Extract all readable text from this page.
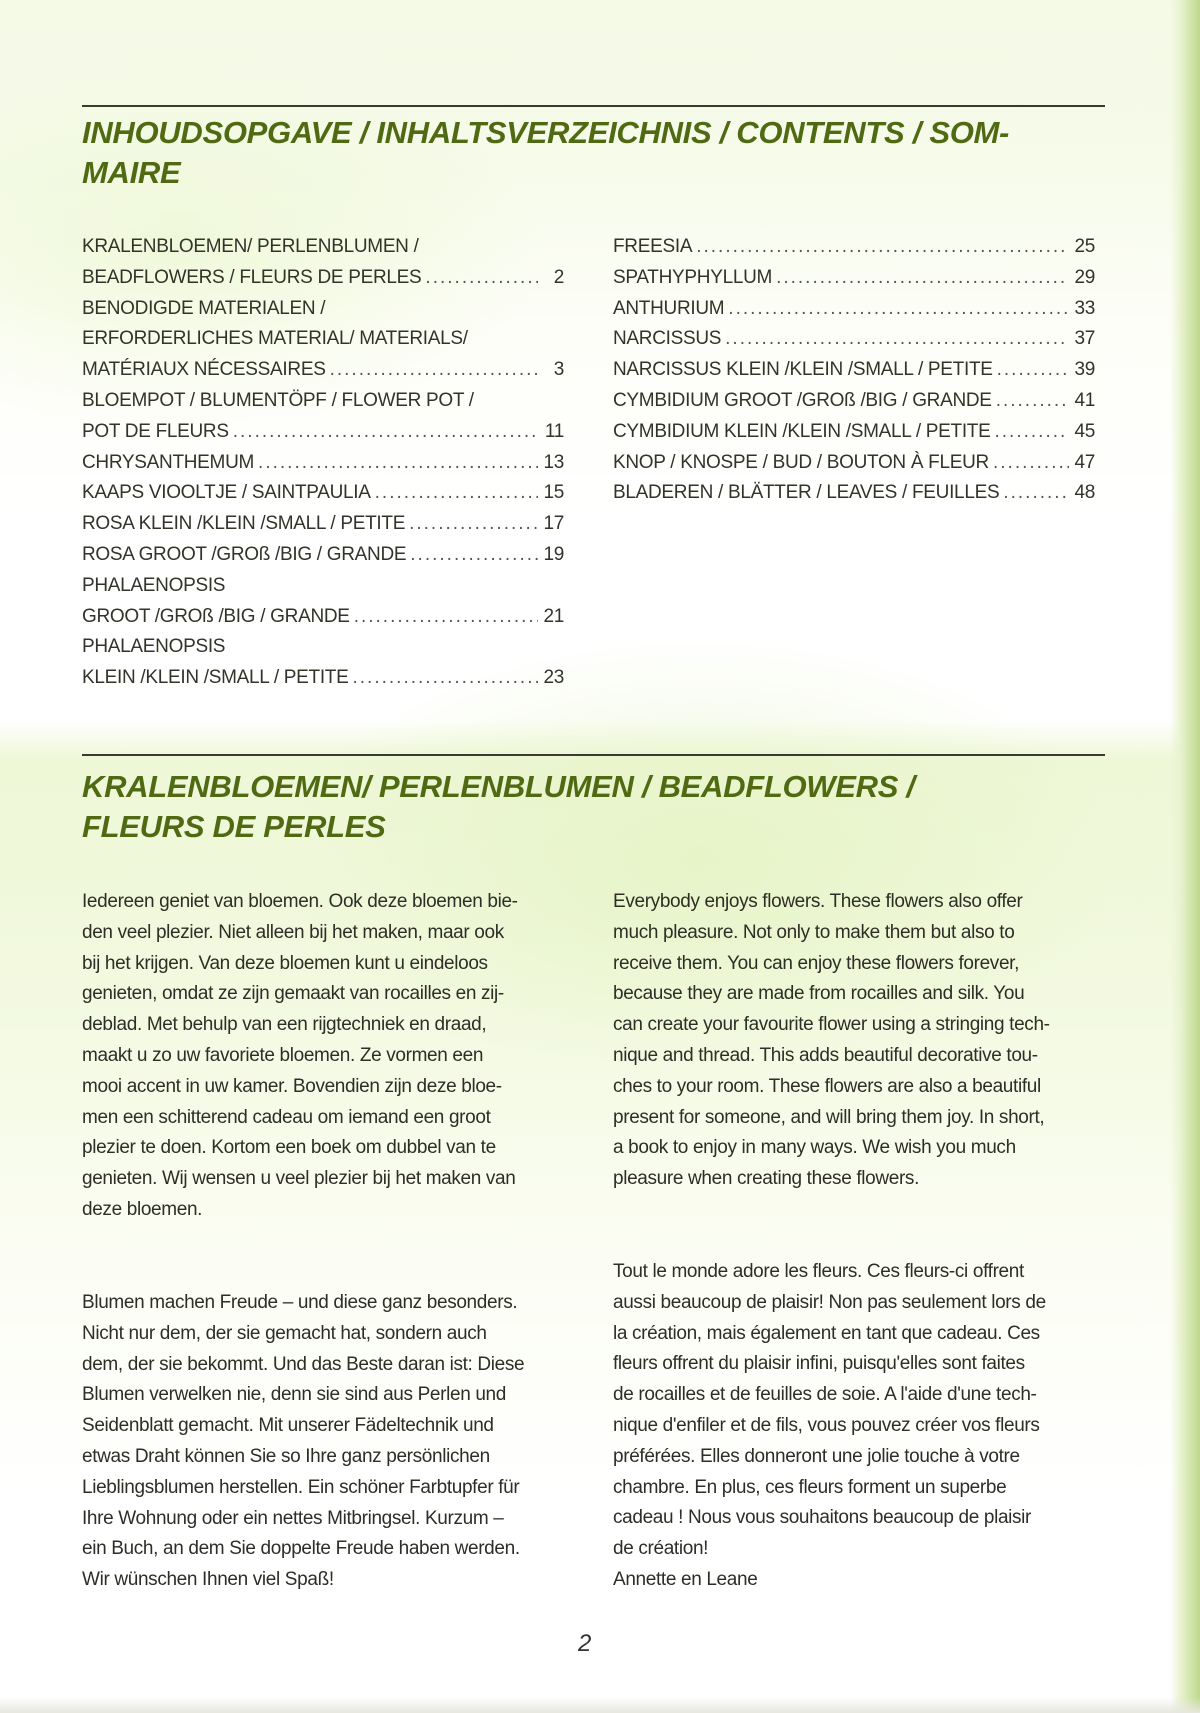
INHOUDSOPGAVE / INHALTSVERZEICHNIS / CONTENTS / SOM-
MAIRE
KRALENBLOEMEN/ PERLENBLUMEN /
BEADFLOWERS / FLEURS DE PERLES .....	2
BENODIGDE MATERIALEN /
ERFORDERLICHES MATERIAL/ MATERIALS/
MATÉRIAUX NÉCESSAIRES .....	3
BLOEMPOT / BLUMENTÖPF / FLOWER POT /
POT DE FLEURS .....	11
CHRYSANTHEMUM .....	13
KAAPS VIOOLTJE / SAINTPAULIA .....	15
ROSA KLEIN /KLEIN /SMALL / PETITE .....	17
ROSA GROOT /GROß /BIG / GRANDE .....	19
PHALAENOPSIS
GROOT /GROß /BIG / GRANDE .....	21
PHALAENOPSIS
KLEIN /KLEIN /SMALL / PETITE .....	23
FREESIA .....	25
SPATHYPHYLLUM .....	29
ANTHURIUM .....	33
NARCISSUS .....	37
NARCISSUS KLEIN /KLEIN /SMALL / PETITE .....	39
CYMBIDIUM GROOT /GROß /BIG / GRANDE .....	41
CYMBIDIUM KLEIN /KLEIN /SMALL / PETITE .....	45
KNOP / KNOSPE / BUD / BOUTON À FLEUR .....	47
BLADEREN / BLÄTTER / LEAVES / FEUILLES .....	48
KRALENBLOEMEN/ PERLENBLUMEN / BEADFLOWERS /
FLEURS DE PERLES
Iedereen geniet van bloemen. Ook deze bloemen bie-
den veel plezier. Niet alleen bij het maken, maar ook
bij het krijgen. Van deze bloemen kunt u eindeloos
genieten, omdat ze zijn gemaakt van rocailles en zij-
deblad. Met behulp van een rijgtechniek en draad,
maakt u zo uw favoriete bloemen. Ze vormen een
mooi accent in uw kamer. Bovendien zijn deze bloe-
men een schitterend cadeau om iemand een groot
plezier te doen. Kortom een boek om dubbel van te
genieten. Wij wensen u veel plezier bij het maken van
deze bloemen.
Everybody enjoys flowers. These flowers also offer
much pleasure. Not only to make them but also to
receive them. You can enjoy these flowers forever,
because they are made from rocailles and silk. You
can create your favourite flower using a stringing tech-
nique and thread. This adds beautiful decorative tou-
ches to your room. These flowers are also a beautiful
present for someone, and will bring them joy. In short,
a book to enjoy in many ways. We wish you much
pleasure when creating these flowers.
Blumen machen Freude – und diese ganz besonders.
Nicht nur dem, der sie gemacht hat, sondern auch
dem, der sie bekommt. Und das Beste daran ist: Diese
Blumen verwelken nie, denn sie sind aus Perlen und
Seidenblatt gemacht. Mit unserer Fädeltechnik und
etwas Draht können Sie so Ihre ganz persönlichen
Lieblingsblumen herstellen. Ein schöner Farbtupfer für
Ihre Wohnung oder ein nettes Mitbringsel. Kurzum –
ein Buch, an dem Sie doppelte Freude haben werden.
Wir wünschen Ihnen viel Spaß!
Tout le monde adore les fleurs. Ces fleurs-ci offrent
aussi beaucoup de plaisir! Non pas seulement lors de
la création, mais également en tant que cadeau. Ces
fleurs offrent du plaisir infini, puisqu'elles sont faites
de rocailles et de feuilles de soie. A l'aide d'une tech-
nique d'enfiler et de fils, vous pouvez créer vos fleurs
préférées. Elles donneront une jolie touche à votre
chambre. En plus, ces fleurs forment un superbe
cadeau ! Nous vous souhaitons beaucoup de plaisir
de création!
Annette en Leane
2
